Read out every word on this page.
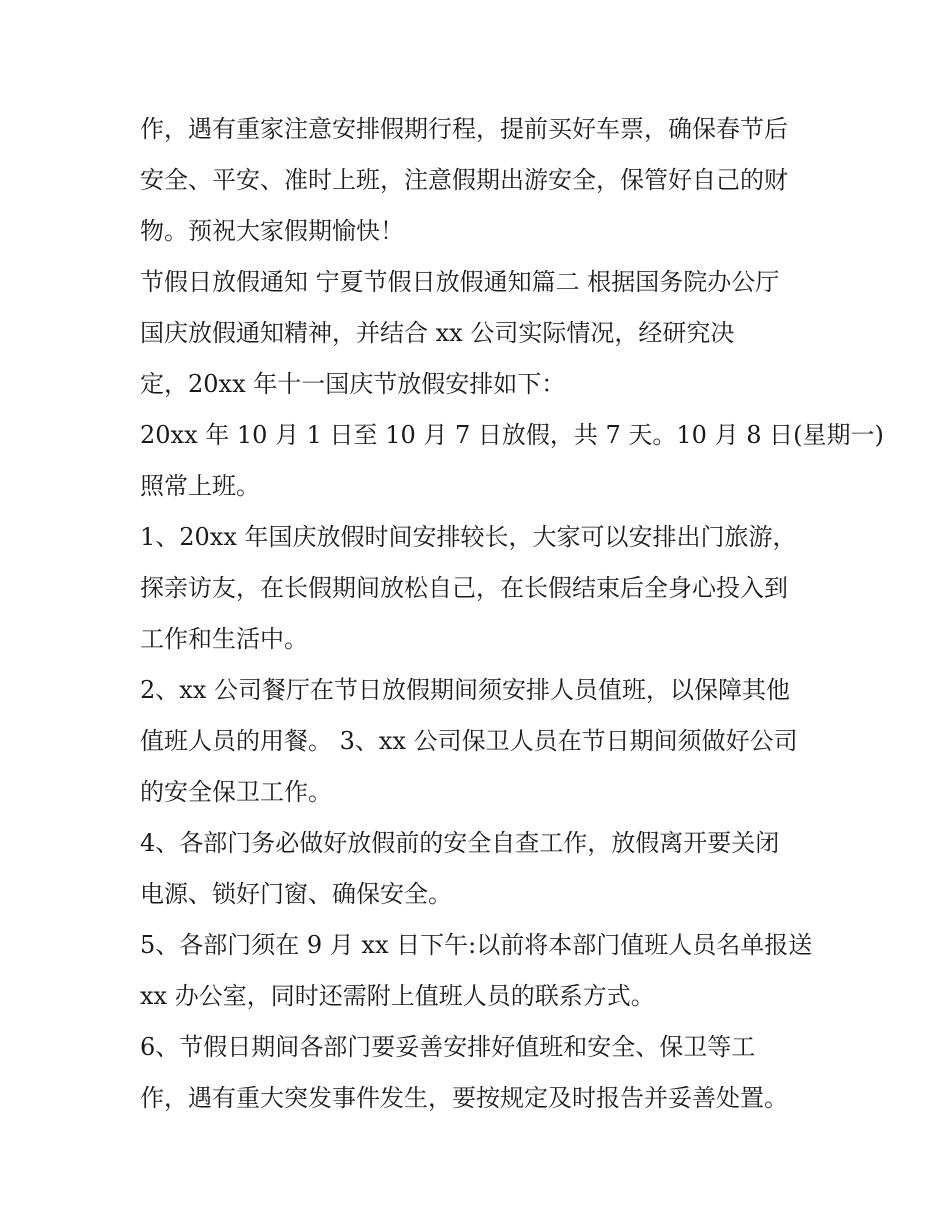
作，遇有重家注意安排假期行程，提前买好车票，确保春节后
安全、平安、准时上班，注意假期出游安全，保管好自己的财
物。预祝大家假期愉快！
节假日放假通知 宁夏节假日放假通知篇二 根据国务院办公厅
国庆放假通知精神，并结合 xx 公司实际情况，经研究决
定，20xx 年十一国庆节放假安排如下：
20xx 年 10 月 1 日至 10 月 7 日放假，共 7 天。10 月 8 日(星期一)
照常上班。
1、20xx 年国庆放假时间安排较长，大家可以安排出门旅游，
探亲访友，在长假期间放松自己，在长假结束后全身心投入到
工作和生活中。
2、xx 公司餐厅在节日放假期间须安排人员值班，以保障其他
值班人员的用餐。 3、xx 公司保卫人员在节日期间须做好公司
的安全保卫工作。
4、各部门务必做好放假前的安全自查工作，放假离开要关闭
电源、锁好门窗、确保安全。
5、各部门须在 9 月 xx 日下午:以前将本部门值班人员名单报送
xx 办公室，同时还需附上值班人员的联系方式。
6、节假日期间各部门要妥善安排好值班和安全、保卫等工
作，遇有重大突发事件发生，要按规定及时报告并妥善处置。
